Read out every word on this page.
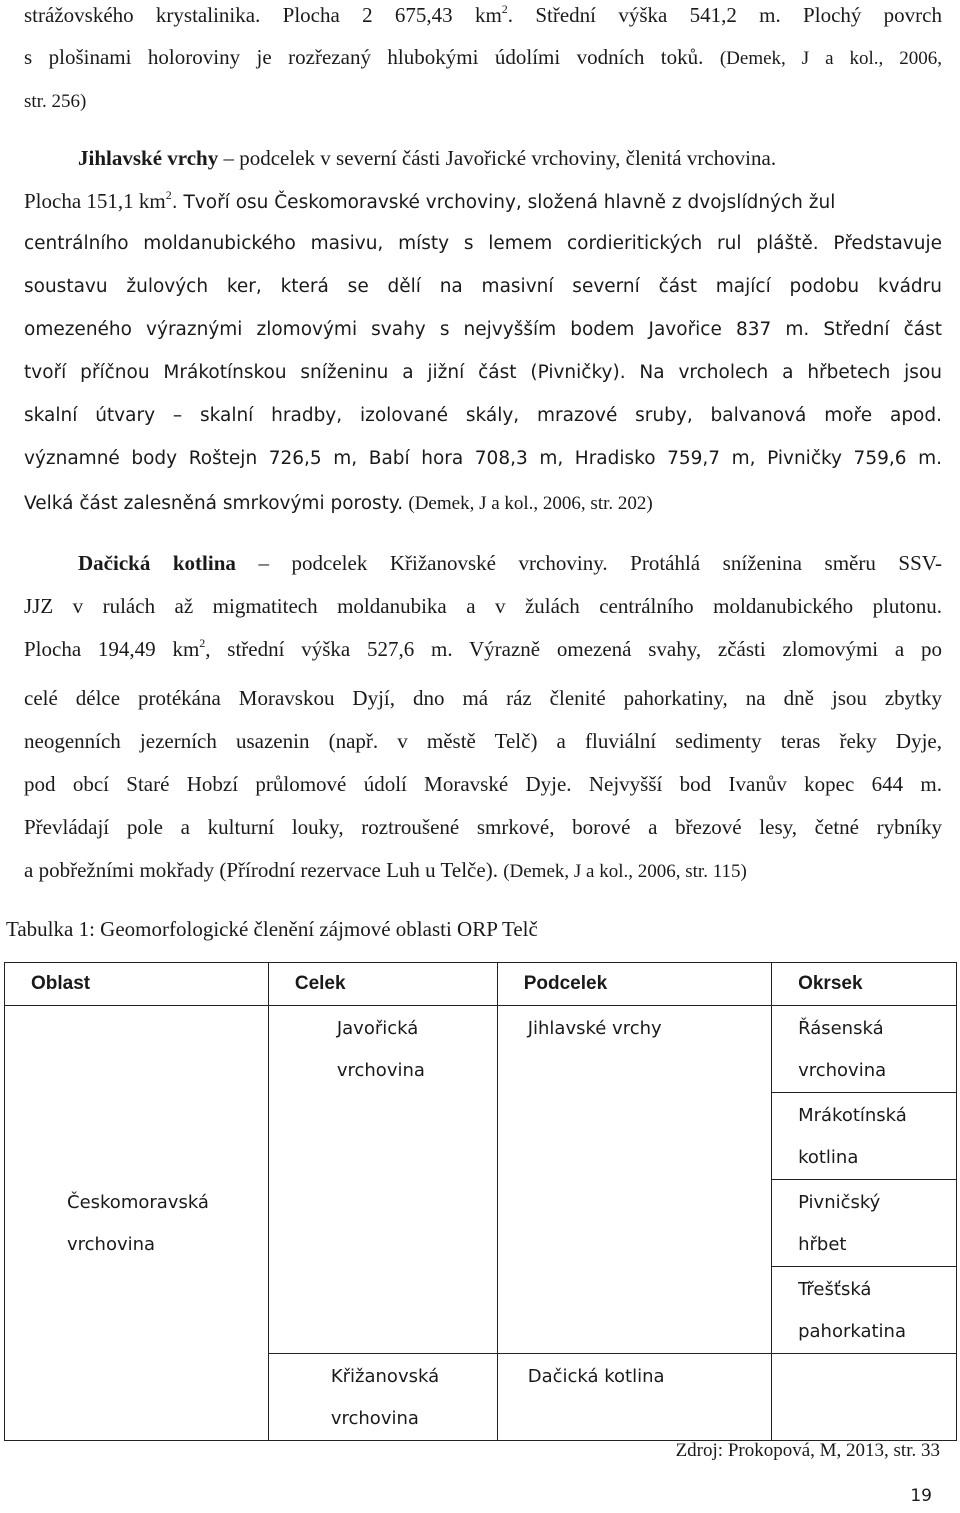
strážovského krystalinika. Plocha 2 675,43 $km^2$. Střední výška 541,2 m. Plochý povrch
s plošinami holoroviny je rozřezaný hlubokými údolími vodních toků. (Demek, J a kol., 2006,
str. 256)
Jihlavské vrchy – podcelek v severní části Javořické vrchoviny, členitá vrchovina.
Plocha 151,1 $km^2$. Tvoří osu Českomoravské vrchoviny, složená hlavně z dvojslídných žul
centrálního moldanubického masivu, místy s lemem cordieritických rul pláště. Představuje
soustavu žulových ker, která se dělí na masivní severní část mající podobu kvádru
omezeného výraznými zlomovými svahy s nejvyšším bodem Javořice 837 m. Střední část
tvoří příčnou Mrákotínskou sníženinu a jižní část (Pivničky). Na vrcholech a hřbetech jsou
skalní útvary – skalní hradby, izolované skály, mrazové sruby, balvanová moře apod.
významné body Roštejn 726,5 m, Babí hora 708,3 m, Hradisko 759,7 m, Pivničky 759,6 m.
Velká část zalesněná smrkovými porosty. (Demek, J a kol., 2006, str. 202)
Dačická kotlina – podcelek Křižanovské vrchoviny. Protáhlá sníženina směru SSV-
JJZ v rulách až migmatitech moldanubika a v žulách centrálního moldanubického plutonu.
Plocha 194,49 $km^2$, střední výška 527,6 m. Výrazně omezená svahy, zčásti zlomovými a po
celé délce protékána Moravskou Dyjí, dno má ráz členité pahorkatiny, na dně jsou zbytky
neogenních jezerních usazenin (např. v městě Telč) a fluviální sedimenty teras řeky Dyje,
pod obcí Staré Hobzí průlomové údolí Moravské Dyje. Nejvyšší bod Ivanův kopec 644 m.
Převládají pole a kulturní louky, roztroušené smrkové, borové a březové lesy, četné rybníky
a pobřežními mokřady (Přírodní rezervace Luh u Telče). (Demek, J a kol., 2006, str. 115)
Tabulka 1: Geomorfologické členění zájmové oblasti ORP Telč
Oblast	Celek	Podcelek	Okrsek

Českomoravská vrchovina	Javořická vrchovina	Jihlavské vrchy	Řásenská vrchovina

			Mrákotínská kotlina

			Pivničský hřbet

			Třešťská pahorkatina

	Křižanovská vrchovina	Dačická kotlina	

Zdroj: Prokopová, M, 2013, str. 33
19
